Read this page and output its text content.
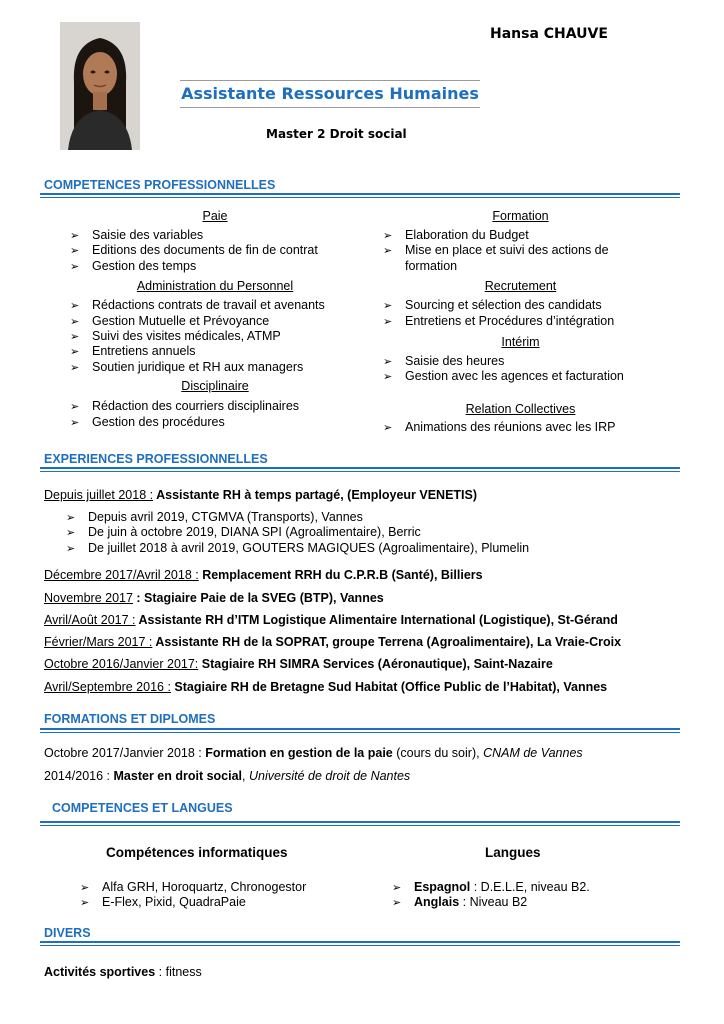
Hansa CHAUVE
Assistante Ressources Humaines
Master 2 Droit social
COMPETENCES PROFESSIONNELLES
Paie
➢ Saisie des variables
➢ Editions des documents de fin de contrat
➢ Gestion des temps
Administration du Personnel
➢ Rédactions contrats de travail et avenants
➢ Gestion Mutuelle et Prévoyance
➢ Suivi des visites médicales, ATMP
➢ Entretiens annuels
➢ Soutien juridique et RH aux managers
Disciplinaire
➢ Rédaction des courriers disciplinaires
➢ Gestion des procédures
Formation
➢ Elaboration du Budget
➢ Mise en place et suivi des actions de formation
Recrutement
➢ Sourcing et sélection des candidats
➢ Entretiens et Procédures d’intégration
Intérim
➢ Saisie des heures
➢ Gestion avec les agences et facturation
Relation Collectives
➢ Animations des réunions avec les IRP
EXPERIENCES PROFESSIONNELLES
Depuis juillet 2018 : Assistante RH à temps partagé, (Employeur VENETIS)
➢ Depuis avril 2019, CTGMVA (Transports), Vannes
➢ De juin à octobre 2019, DIANA SPI (Agroalimentaire), Berric
➢ De juillet 2018 à avril 2019, GOUTERS MAGIQUES (Agroalimentaire), Plumelin
Décembre 2017/Avril 2018 : Remplacement RRH du C.P.R.B (Santé), Billiers
Novembre 2017 : Stagiaire Paie de la SVEG (BTP), Vannes
Avril/Août 2017 : Assistante RH d’ITM Logistique Alimentaire International (Logistique), St-Gérand
Février/Mars 2017 : Assistante RH de la SOPRAT, groupe Terrena (Agroalimentaire), La Vraie-Croix
Octobre 2016/Janvier 2017: Stagiaire RH SIMRA Services (Aéronautique), Saint-Nazaire
Avril/Septembre 2016 : Stagiaire RH de Bretagne Sud Habitat (Office Public de l’Habitat), Vannes
FORMATIONS ET DIPLOMES
Octobre 2017/Janvier 2018 : Formation en gestion de la paie (cours du soir), CNAM de Vannes
2014/2016 : Master en droit social, Université de droit de Nantes
COMPETENCES ET LANGUES
Compétences informatiques
➢ Alfa GRH, Horoquartz, Chronogestor
➢ E-Flex, Pixid, QuadraPaie
Langues
➢ Espagnol : D.E.L.E, niveau B2.
➢ Anglais : Niveau B2
DIVERS
Activités sportives : fitness
